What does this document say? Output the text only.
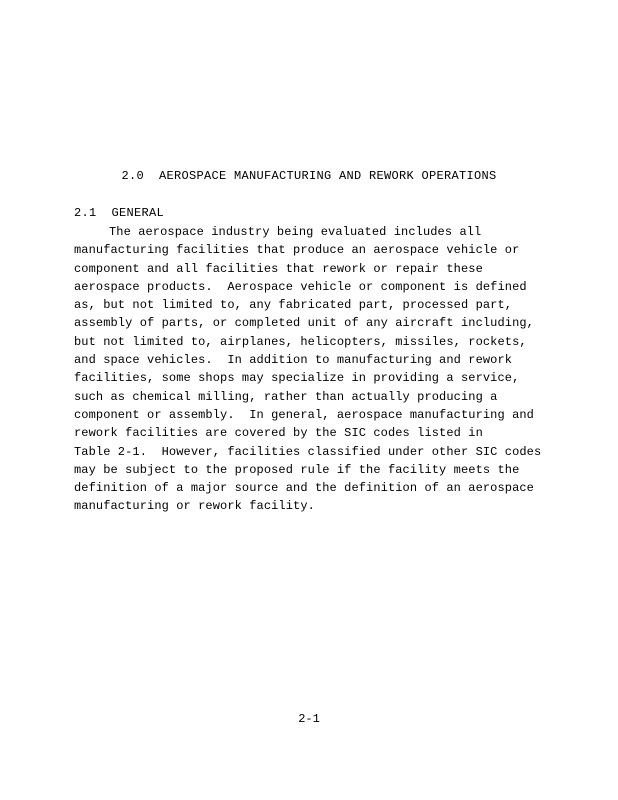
2.0  AEROSPACE MANUFACTURING AND REWORK OPERATIONS
2.1  GENERAL
The aerospace industry being evaluated includes all
manufacturing facilities that produce an aerospace vehicle or
component and all facilities that rework or repair these
aerospace products.  Aerospace vehicle or component is defined
as, but not limited to, any fabricated part, processed part,
assembly of parts, or completed unit of any aircraft including,
but not limited to, airplanes, helicopters, missiles, rockets,
and space vehicles.  In addition to manufacturing and rework
facilities, some shops may specialize in providing a service,
such as chemical milling, rather than actually producing a
component or assembly.  In general, aerospace manufacturing and
rework facilities are covered by the SIC codes listed in
Table 2-1.  However, facilities classified under other SIC codes
may be subject to the proposed rule if the facility meets the
definition of a major source and the definition of an aerospace
manufacturing or rework facility.
2-1
